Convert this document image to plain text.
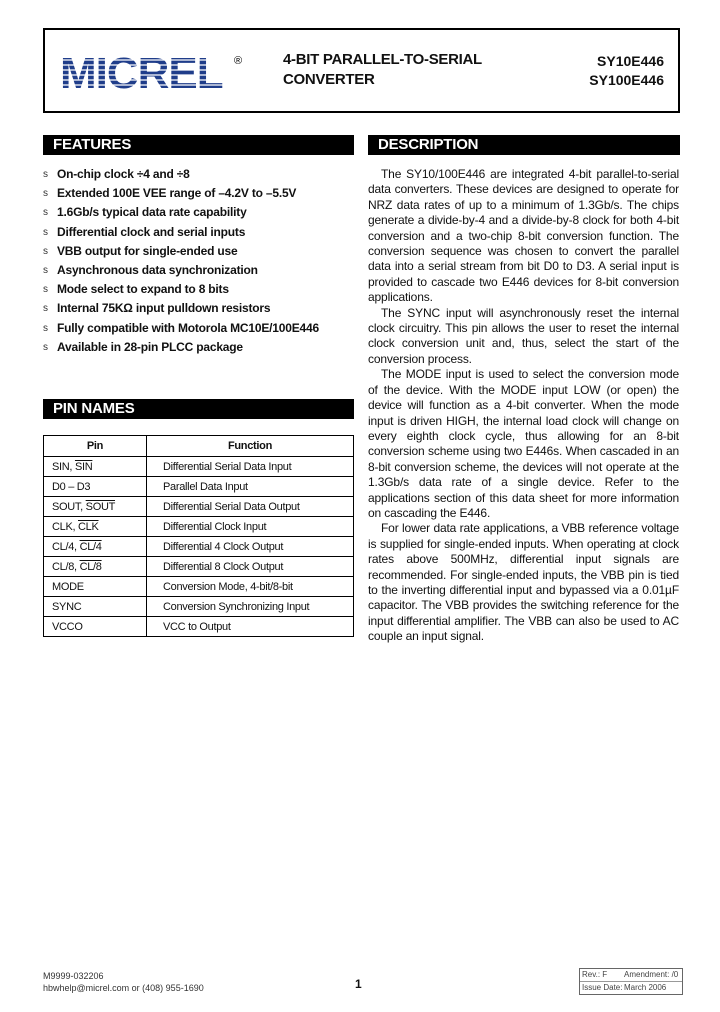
MICREL ®	4-BIT PARALLEL-TO-SERIAL
CONVERTER
SY10E446
SY100E446
FEATURES
s On-chip clock ÷4 and ÷8
s Extended 100E VEE range of –4.2V to –5.5V
s 1.6Gb/s typical data rate capability
s Differential clock and serial inputs
s VBB output for single-ended use
s Asynchronous data synchronization
s Mode select to expand to 8 bits
s Internal 75KΩ input pulldown resistors
s Fully compatible with Motorola MC10E/100E446
s Available in 28-pin PLCC package
PIN NAMES
Pin	Function
SIN, $\overline{SIN}$	Differential Serial Data Input
D0 – D3	Parallel Data Input
SOUT, SOUT	Differential Serial Data Output
CLK, $\overline{CLK}$	Differential Clock Input
CL/4, CL/4	Differential 4 Clock Output
CL/8, CL/8	Differential 8 Clock Output
MODE	Conversion Mode, 4-bit/8-bit
SYNC	Conversion Synchronizing Input
VCCO	VCC to Output
DESCRIPTION

The SY10/100E446 are integrated 4-bit parallel-to-serial data converters. These devices are designed to operate for NRZ data rates of up to a minimum of 1.3Gb/s. The chips generate a divide-by-4 and a divide-by-8 clock for both 4-bit conversion and a two-chip 8-bit conversion function. The conversion sequence was chosen to convert the parallel data into a serial stream from bit D0 to D3. A serial input is provided to cascade two E446 devices for 8-bit conversion applications.

The SYNC input will asynchronously reset the internal clock circuitry. This pin allows the user to reset the internal clock conversion unit and, thus, select the start of the conversion process.

The MODE input is used to select the conversion mode of the device. With the MODE input LOW (or open) the device will function as a 4-bit converter. When the mode input is driven HIGH, the internal load clock will change on every eighth clock cycle, thus allowing for an 8-bit conversion scheme using two E446s. When cascaded in an 8-bit conversion scheme, the devices will not operate at the 1.3Gb/s data rate of a single device. Refer to the applications section of this data sheet for more information on cascading the E446.

For lower data rate applications, a VBB reference voltage is supplied for single-ended inputs. When operating at clock rates above 500MHz, differential input signals are recommended. For single-ended inputs, the VBB pin is tied to the inverting differential input and bypassed via a 0.01µF capacitor. The VBB provides the switching reference for the input differential amplifier. The VBB can also be used to AC couple an input signal.

M9999-032206
hbwhelp@micrel.com or (408) 955-1690	1
Rev.: F Amendment: /0
Issue Date: March 2006
